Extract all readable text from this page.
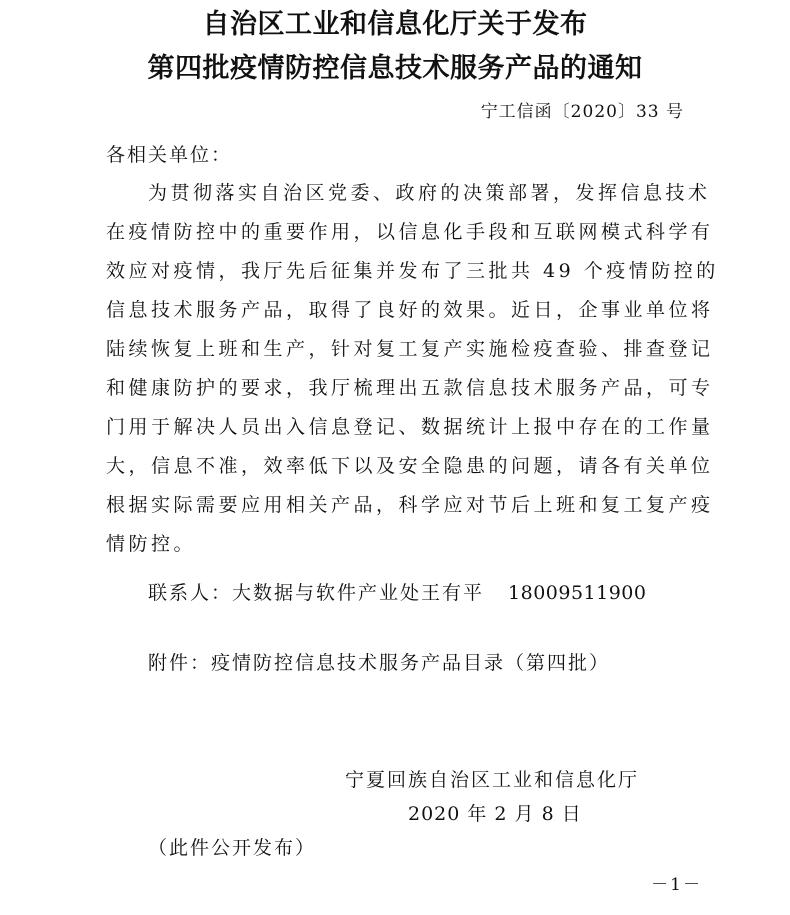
自治区工业和信息化厅关于发布
第四批疫情防控信息技术服务产品的通知
宁工信函〔2020〕33 号
各相关单位：
为贯彻落实自治区党委、政府的决策部署，发挥信息技术
在疫情防控中的重要作用，以信息化手段和互联网模式科学有
效应对疫情，我厅先后征集并发布了三批共 49 个疫情防控的
信息技术服务产品，取得了良好的效果。近日，企事业单位将
陆续恢复上班和生产，针对复工复产实施检疫查验、排查登记
和健康防护的要求，我厅梳理出五款信息技术服务产品，可专
门用于解决人员出入信息登记、数据统计上报中存在的工作量
大，信息不准，效率低下以及安全隐患的问题，请各有关单位
根据实际需要应用相关产品，科学应对节后上班和复工复产疫
情防控。
联系人：大数据与软件产业处王有平 18009511900
附件：疫情防控信息技术服务产品目录（第四批）
宁夏回族自治区工业和信息化厅
2020 年 2 月 8 日
（此件公开发布）
－1－
